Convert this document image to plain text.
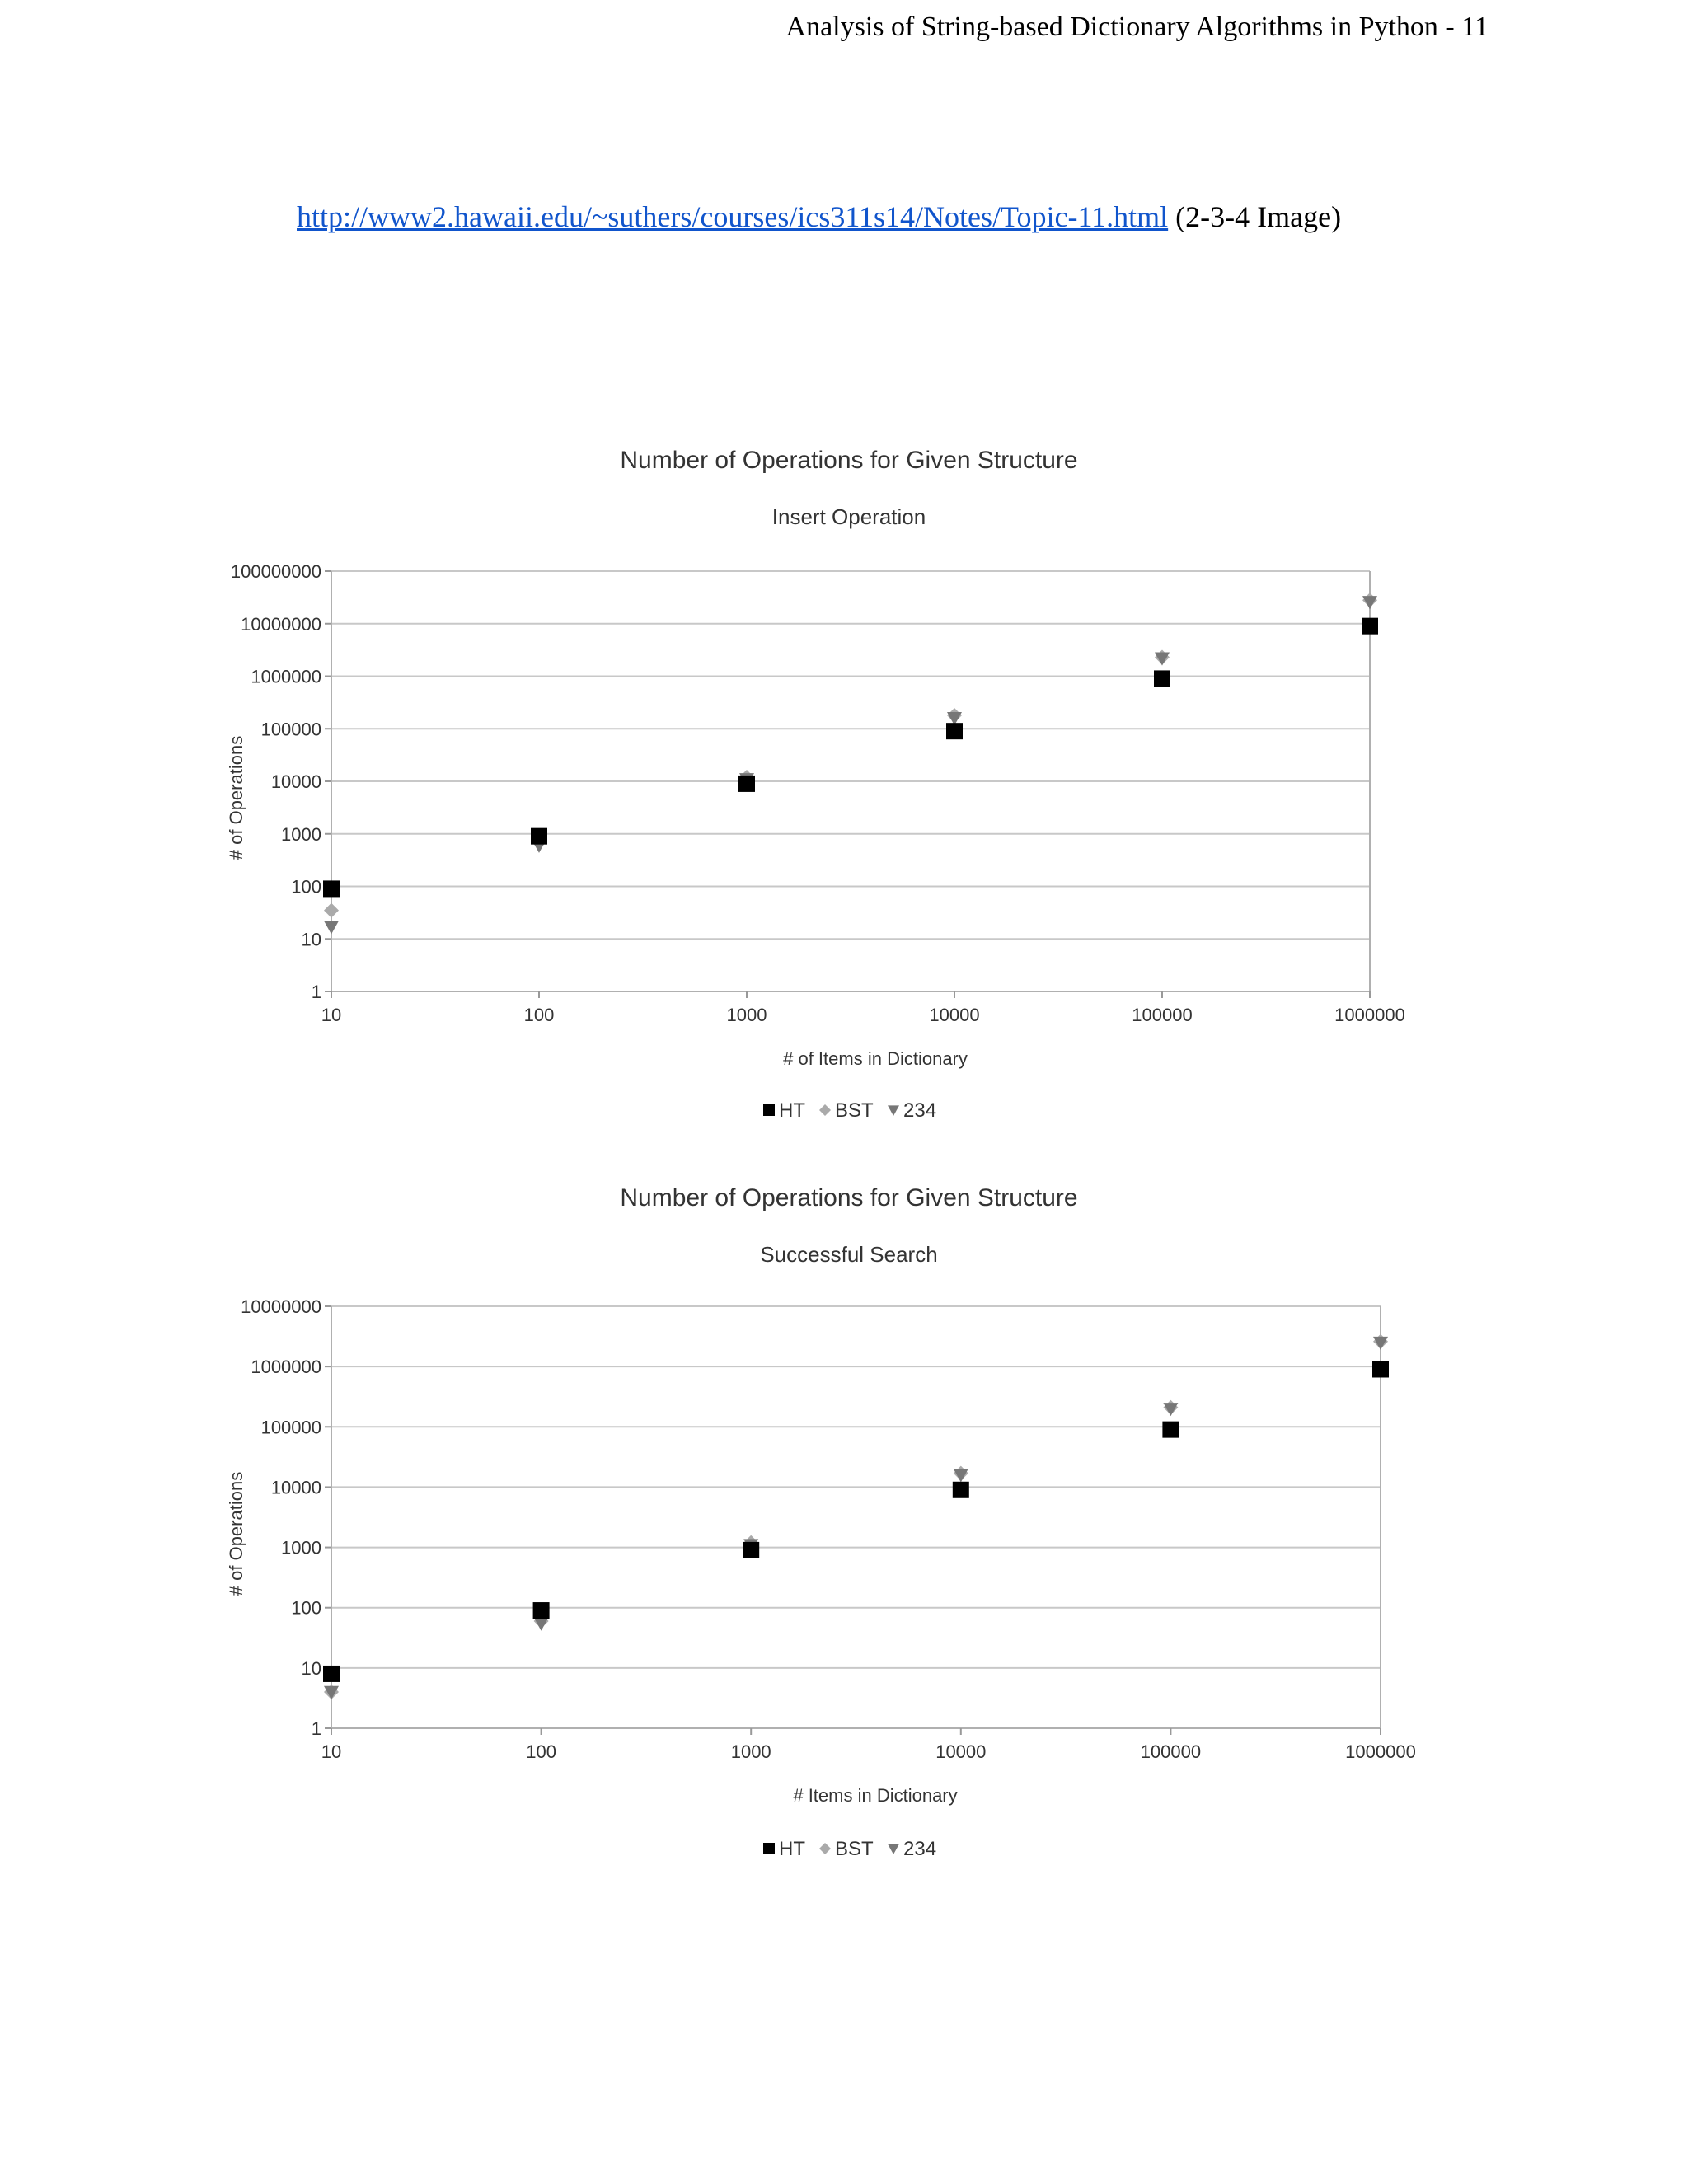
Analysis of String-based Dictionary Algorithms in Python - 11
http://www2.hawaii.edu/~suthers/courses/ics311s14/Notes/Topic-11.html (2-3-4 Image)
Number of Operations for Given Structure
Insert Operation
1
10
100
1000
10000
100000
1000000
10000000
100000000
10	100	1000	10000	100000	1000000
# of Items in Dictionary
# of Operations
HT BST 234
Number of Operations for Given Structure
Successful Search
1
10
100
1000
10000
100000
1000000
10000000
10	100	1000	10000	100000	1000000
# Items in Dictionary
# of Operations
HT BST 234
